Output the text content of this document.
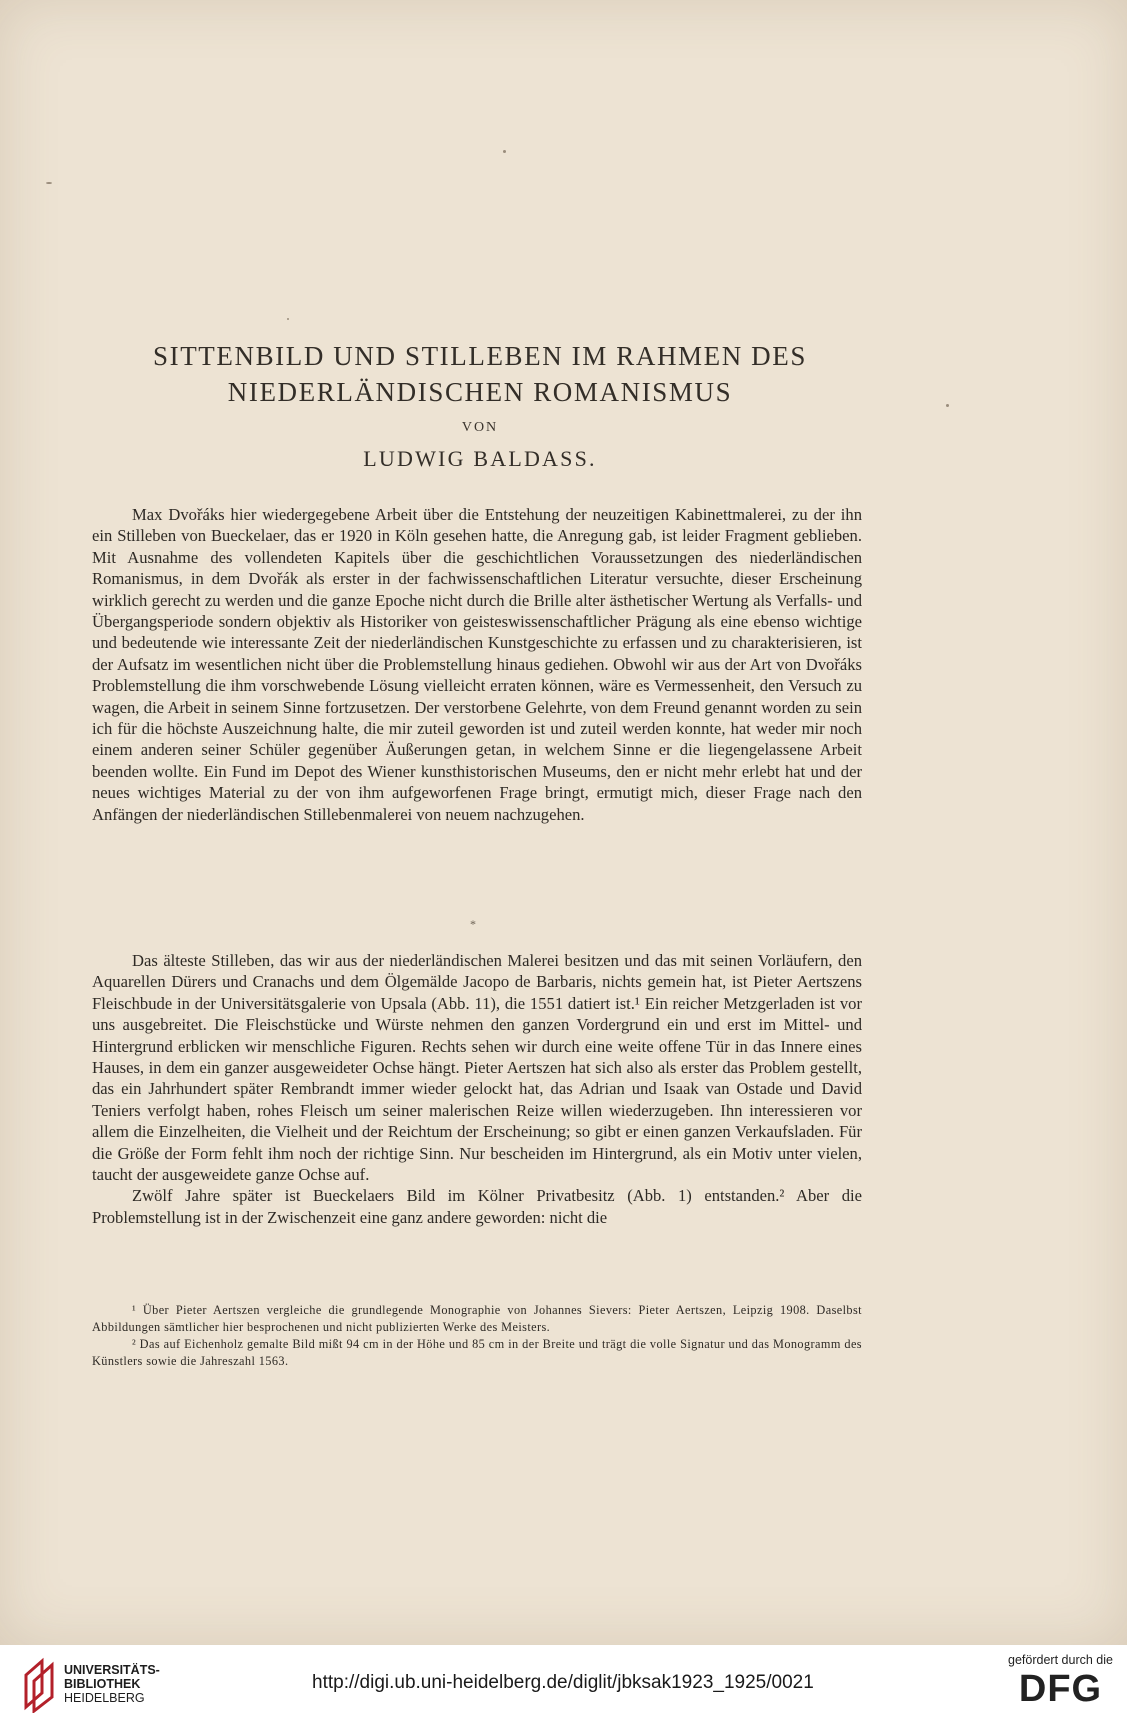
SITTENBILD UND STILLEBEN IM RAHMEN DES
NIEDERLÄNDISCHEN ROMANISMUS
VON
LUDWIG BALDASS.

Max Dvořáks hier wiedergegebene Arbeit über die Entstehung der neuzeitigen Kabinettmalerei, zu der ihn ein Stilleben von Bueckelaer, das er 1920 in Köln gesehen hatte, die Anregung gab, ist leider Fragment geblieben. Mit Ausnahme des vollendeten Kapitels über die geschichtlichen Voraussetzungen des niederländischen Romanismus, in dem Dvořák als erster in der fachwissenschaftlichen Literatur versuchte, dieser Erscheinung wirklich gerecht zu werden und die ganze Epoche nicht durch die Brille alter ästhetischer Wertung als Verfalls- und Übergangsperiode sondern objektiv als Historiker von geisteswissenschaftlicher Prägung als eine ebenso wichtige und bedeutende wie interessante Zeit der niederländischen Kunstgeschichte zu erfassen und zu charakterisieren, ist der Aufsatz im wesentlichen nicht über die Problemstellung hinaus gediehen. Obwohl wir aus der Art von Dvořáks Problemstellung die ihm vorschwebende Lösung vielleicht erraten können, wäre es Vermessenheit, den Versuch zu wagen, die Arbeit in seinem Sinne fortzusetzen. Der verstorbene Gelehrte, von dem Freund genannt worden zu sein ich für die höchste Auszeichnung halte, die mir zuteil geworden ist und zuteil werden konnte, hat weder mir noch einem anderen seiner Schüler gegenüber Äußerungen getan, in welchem Sinne er die liegengelassene Arbeit beenden wollte. Ein Fund im Depot des Wiener kunsthistorischen Museums, den er nicht mehr erlebt hat und der neues wichtiges Material zu der von ihm aufgeworfenen Frage bringt, ermutigt mich, dieser Frage nach den Anfängen der niederländischen Stillebenmalerei von neuem nachzugehen.

*

Das älteste Stilleben, das wir aus der niederländischen Malerei besitzen und das mit seinen Vorläufern, den Aquarellen Dürers und Cranachs und dem Ölgemälde Jacopo de Barbaris, nichts gemein hat, ist Pieter Aertszens Fleischbude in der Universitätsgalerie von Upsala (Abb. 11), die 1551 datiert ist.¹ Ein reicher Metzgerladen ist vor uns ausgebreitet. Die Fleischstücke und Würste nehmen den ganzen Vordergrund ein und erst im Mittel- und Hintergrund erblicken wir menschliche Figuren. Rechts sehen wir durch eine weite offene Tür in das Innere eines Hauses, in dem ein ganzer ausgeweideter Ochse hängt. Pieter Aertszen hat sich also als erster das Problem gestellt, das ein Jahrhundert später Rembrandt immer wieder gelockt hat, das Adrian und Isaak van Ostade und David Teniers verfolgt haben, rohes Fleisch um seiner malerischen Reize willen wiederzugeben. Ihn interessieren vor allem die Einzelheiten, die Vielheit und der Reichtum der Erscheinung; so gibt er einen ganzen Verkaufsladen. Für die Größe der Form fehlt ihm noch der richtige Sinn. Nur bescheiden im Hintergrund, als ein Motiv unter vielen, taucht der ausgeweidete ganze Ochse auf.

Zwölf Jahre später ist Bueckelaers Bild im Kölner Privatbesitz (Abb. 1) entstanden.² Aber die Problemstellung ist in der Zwischenzeit eine ganz andere geworden: nicht die

¹ Über Pieter Aertszen vergleiche die grundlegende Monographie von Johannes Sievers: Pieter Aertszen, Leipzig 1908. Daselbst Abbildungen sämtlicher hier besprochenen und nicht publizierten Werke des Meisters.

² Das auf Eichenholz gemalte Bild mißt 94 cm in der Höhe und 85 cm in der Breite und trägt die volle Signatur und das Monogramm des Künstlers sowie die Jahreszahl 1563.

UNIVERSITÄTS-
BIBLIOTHEK
HEIDELBERG
http://digi.ub.uni-heidelberg.de/diglit/jbksak1923_1925/0021
gefördert durch die
DFG
